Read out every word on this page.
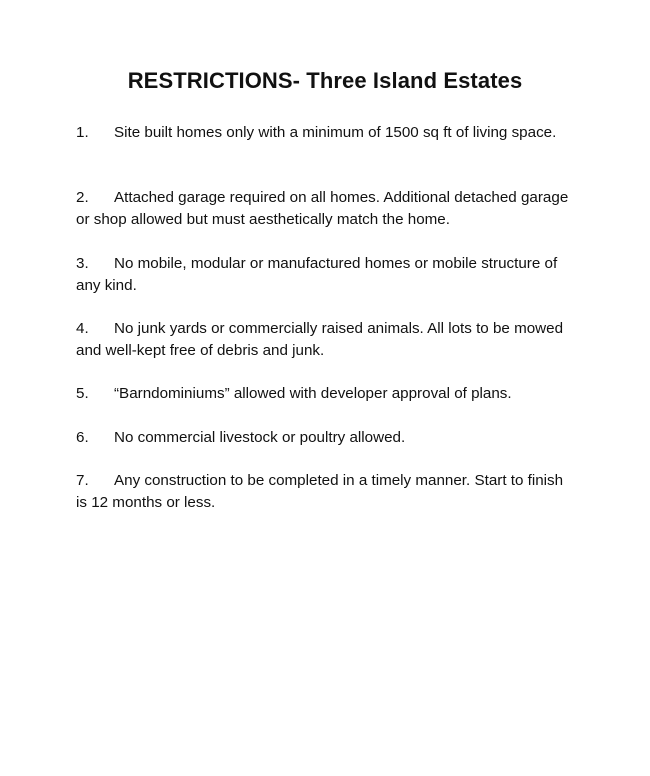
RESTRICTIONS- Three Island Estates
1. Site built homes only with a minimum of 1500 sq ft of living space.
2. Attached garage required on all homes. Additional detached garage or shop allowed but must aesthetically match the home.
3. No mobile, modular or manufactured homes or mobile structure of any kind.
4. No junk yards or commercially raised animals. All lots to be mowed and well-kept free of debris and junk.
5. “Barndominiums” allowed with developer approval of plans.
6. No commercial livestock or poultry allowed.
7. Any construction to be completed in a timely manner. Start to finish is 12 months or less.
